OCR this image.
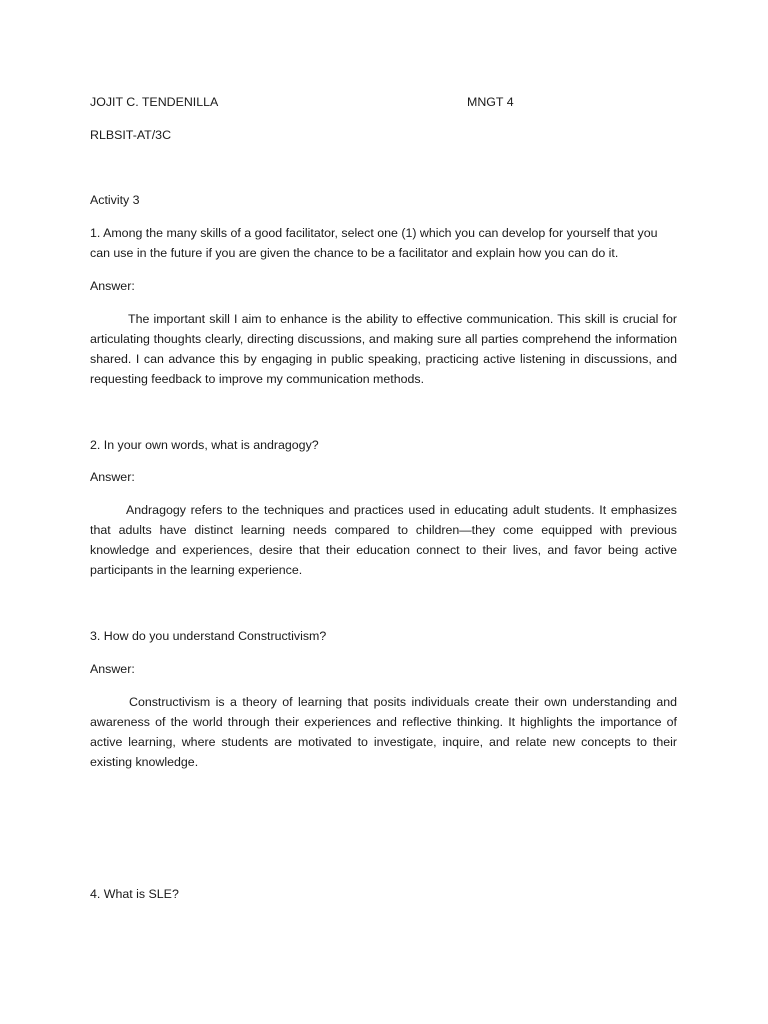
JOJIT C. TENDENILLA	MNGT 4
RLBSIT-AT/3C
Activity 3
1. Among the many skills of a good facilitator, select one (1) which you can develop for yourself that you can use in the future if you are given the chance to be a facilitator and explain how you can do it.
Answer:
The important skill I aim to enhance is the ability to effective communication. This skill is crucial for articulating thoughts clearly, directing discussions, and making sure all parties comprehend the information shared. I can advance this by engaging in public speaking, practicing active listening in discussions, and requesting feedback to improve my communication methods.
2. In your own words, what is andragogy?
Answer:
Andragogy refers to the techniques and practices used in educating adult students. It emphasizes that adults have distinct learning needs compared to children—they come equipped with previous knowledge and experiences, desire that their education connect to their lives, and favor being active participants in the learning experience.
3. How do you understand Constructivism?
Answer:
Constructivism is a theory of learning that posits individuals create their own understanding and awareness of the world through their experiences and reflective thinking. It highlights the importance of active learning, where students are motivated to investigate, inquire, and relate new concepts to their existing knowledge.
4. What is SLE?
